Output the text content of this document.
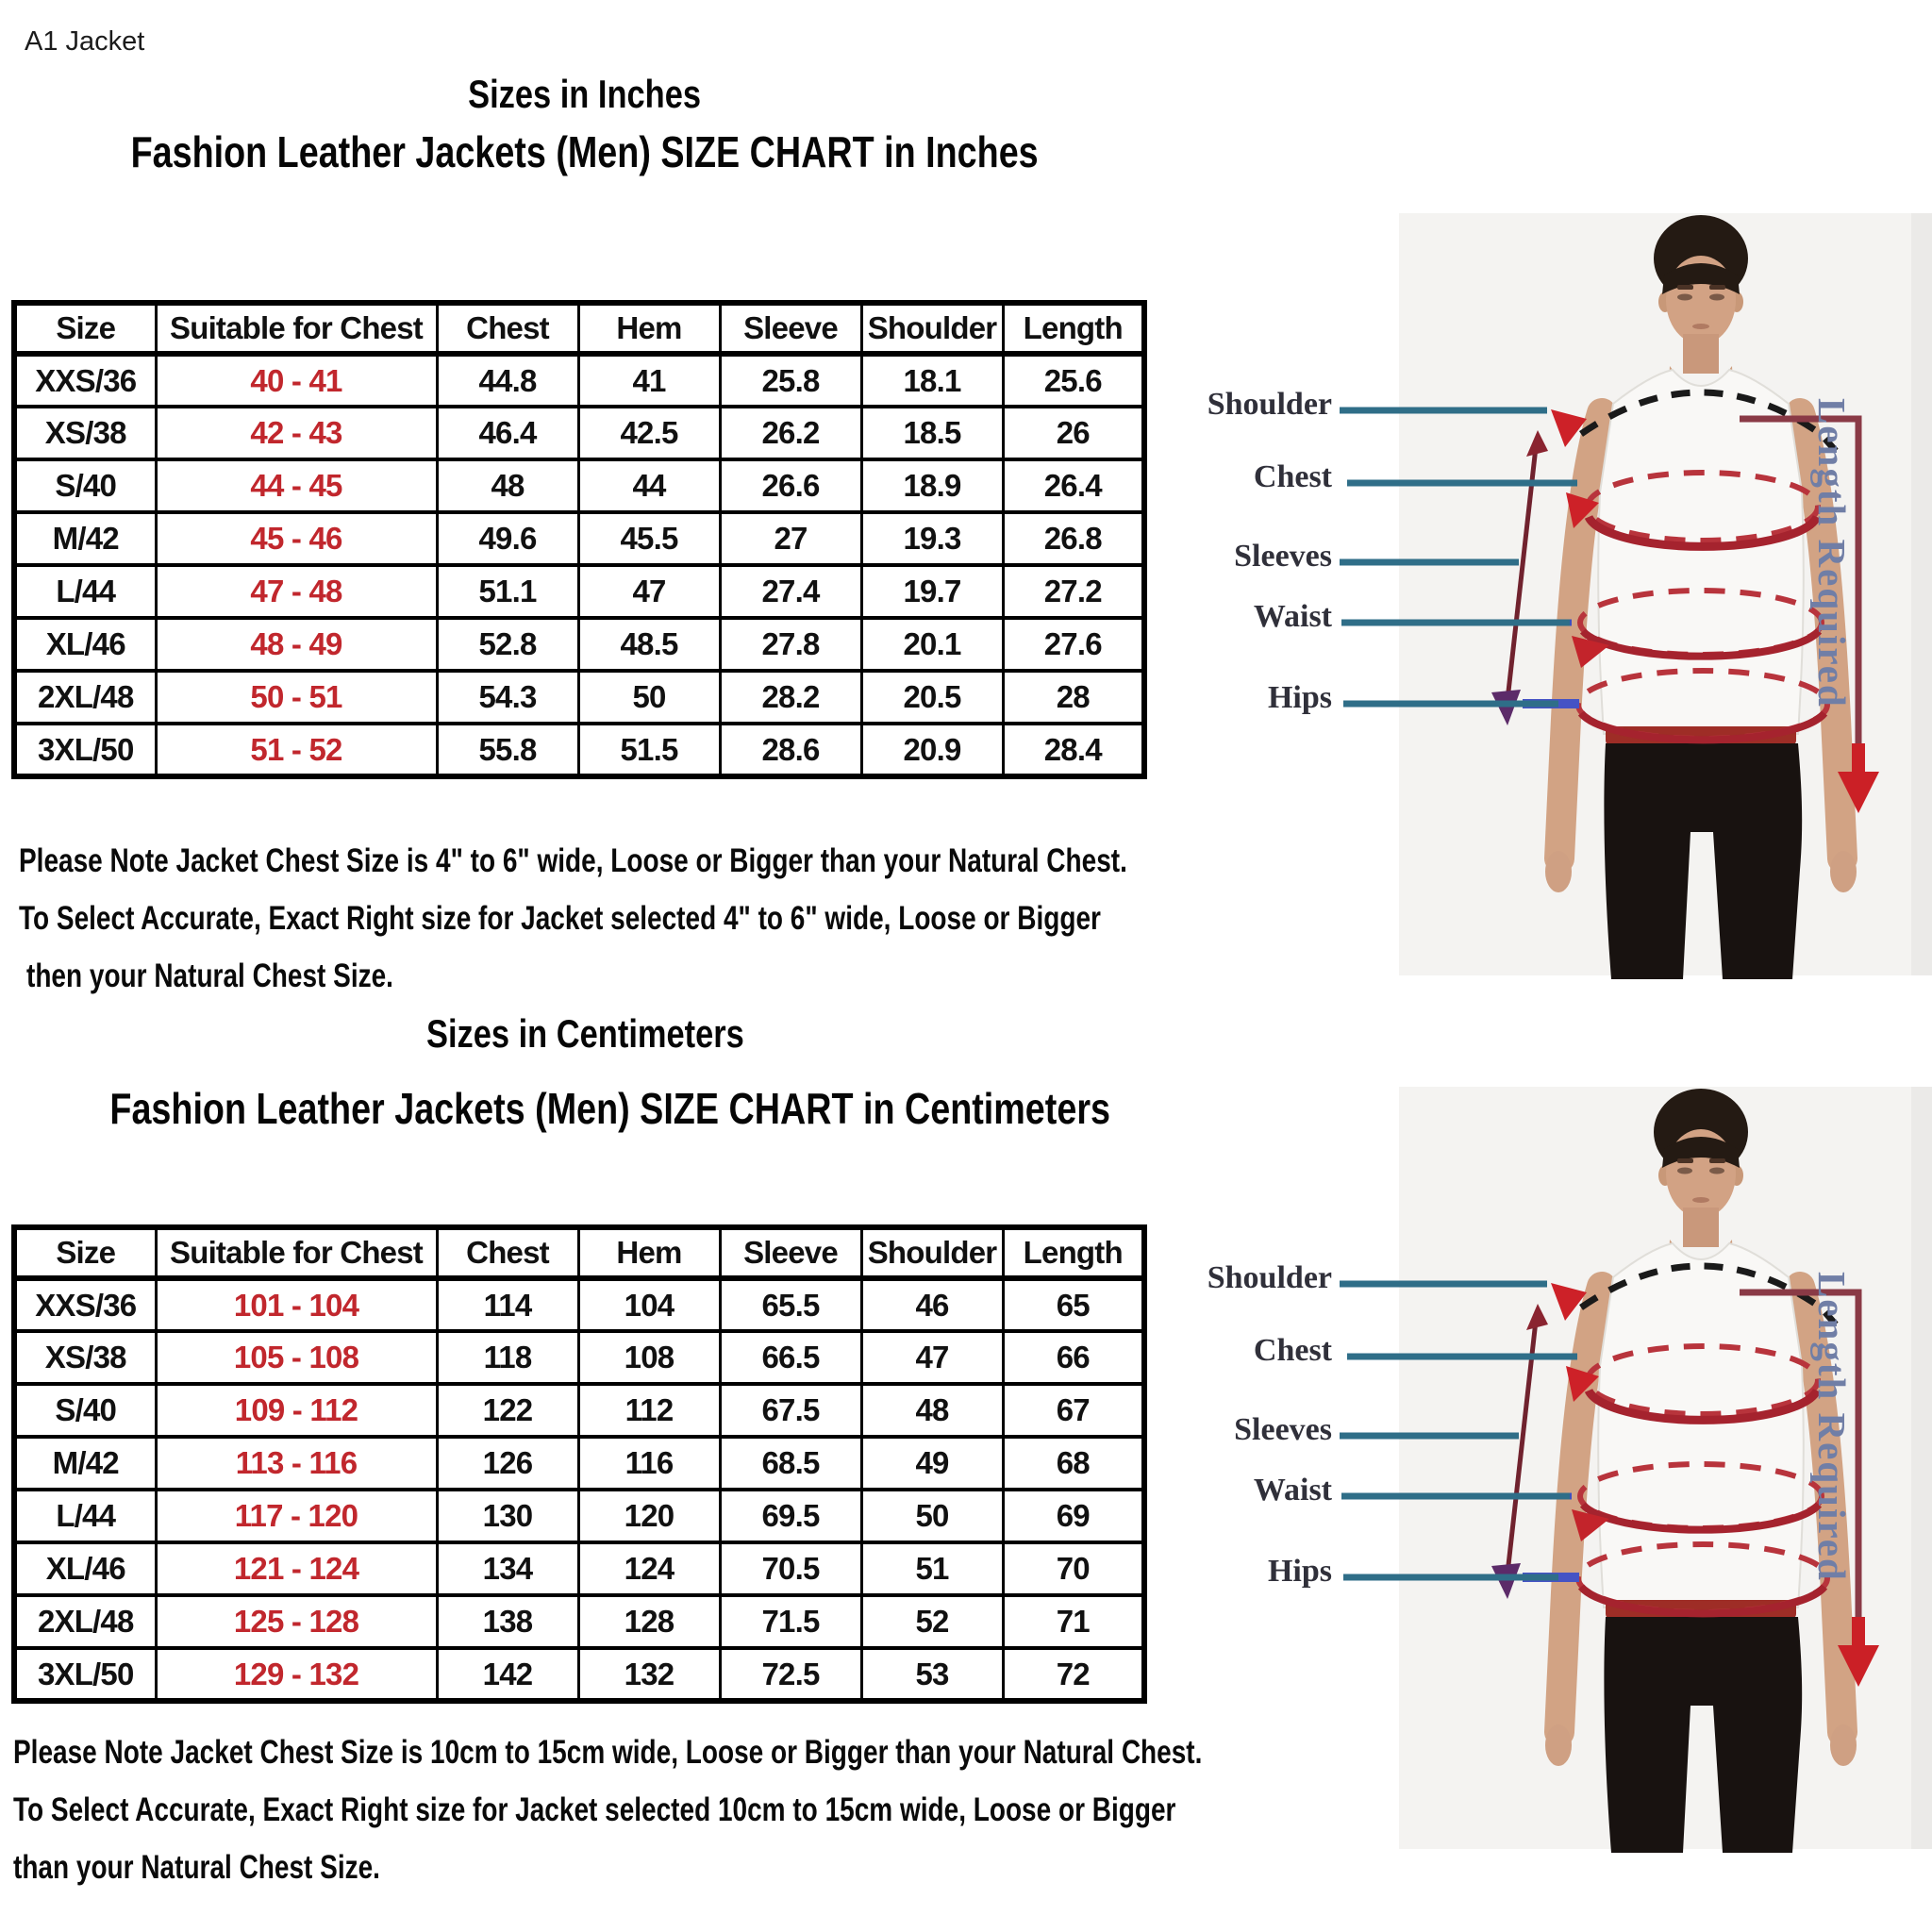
A1 Jacket
Sizes in Inches
Fashion Leather Jackets (Men) SIZE CHART in Inches
Size	Suitable for Chest	Chest	Hem	Sleeve	Shoulder	Length
XXS/36	40 - 41	44.8	41	25.8	18.1	25.6
XS/38	42 - 43	46.4	42.5	26.2	18.5	26
S/40	44 - 45	48	44	26.6	18.9	26.4
M/42	45 - 46	49.6	45.5	27	19.3	26.8
L/44	47 - 48	51.1	47	27.4	19.7	27.2
XL/46	48 - 49	52.8	48.5	27.8	20.1	27.6
2XL/48	50 - 51	54.3	50	28.2	20.5	28
3XL/50	51 - 52	55.8	51.5	28.6	20.9	28.4
Please Note Jacket Chest Size is 4" to 6" wide, Loose or Bigger than your Natural Chest.
To Select Accurate, Exact Right size for Jacket selected 4" to 6" wide, Loose or Bigger
then your Natural Chest Size.
Sizes in Centimeters
Fashion Leather Jackets (Men) SIZE CHART in Centimeters
Size	Suitable for Chest	Chest	Hem	Sleeve	Shoulder	Length
XXS/36	101 - 104	114	104	65.5	46	65
XS/38	105 - 108	118	108	66.5	47	66
S/40	109 - 112	122	112	67.5	48	67
M/42	113 - 116	126	116	68.5	49	68
L/44	117 - 120	130	120	69.5	50	69
XL/46	121 - 124	134	124	70.5	51	70
2XL/48	125 - 128	138	128	71.5	52	71
3XL/50	129 - 132	142	132	72.5	53	72
Please Note Jacket Chest Size is 10cm to 15cm wide, Loose or Bigger than your Natural Chest.
To Select Accurate, Exact Right size for Jacket selected 10cm to 15cm wide, Loose or Bigger
than your Natural Chest Size.
Shoulder
Chest
Sleeves
Waist
Hips	Length Required
Shoulder
Chest
Sleeves
Waist
Hips	Length Required
